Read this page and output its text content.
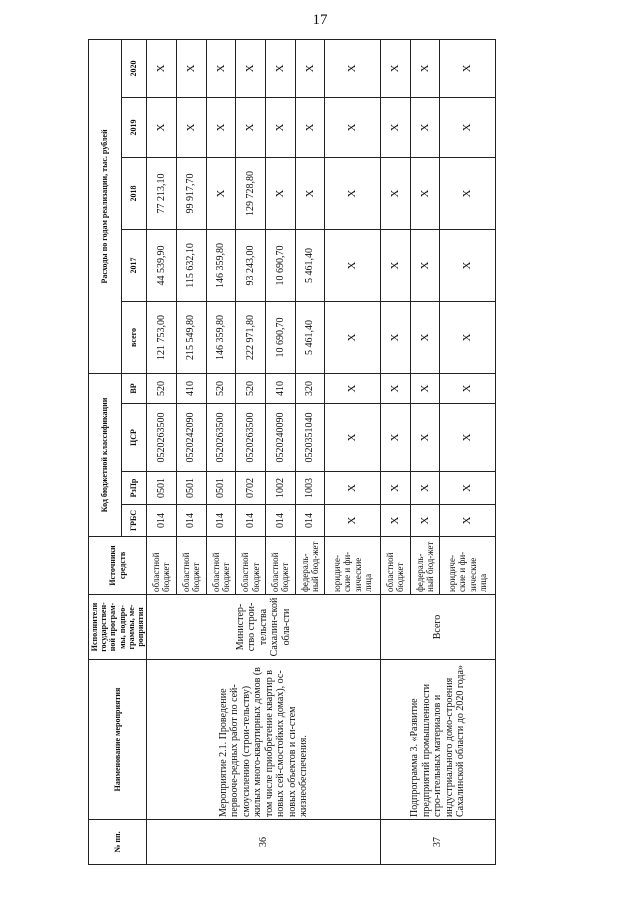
17
№ пп.	Наименование мероприятия	Исполнители государствен-ной програм-мы, подпро-граммы, ме-роприятия	Источники средств	Код бюджетной классификации				Расходы по годам реализации, тыс. рублей				
				ГРБС	РзПр	ЦСР	ВР	всего	2017	2018	2019	2020
36	Мероприятие 2.1. Проведение первооче-редных работ по сей-смоусилению (строи-тельству) жилых много-квартирных домов (в том числе приобретение квартир в новых сей-смостойких домах), ос-новых объектов и си-стем жизнеобеспечения.	Министер-ство строи-тельства Сахалин-ской обла-сти	областной бюджет	014	0501	0520263500	520	121 753,00	44 539,90	77 213,10	X	X
			областной бюджет	014	0501	0520242090	410	215 549,80	115 632,10	99 917,70	X	X
			областной бюджет	014	0501	0520263500	520	146 359,80	146 359,80	X	X	X
			областной бюджет	014	0702	0520263500	520	222 971,80	93 243,00	129 728,80	X	X
			областной бюджет	014	1002	0520240090	410	10 690,70	10 690,70	X	X	X
			федераль-ный бюд-жет	014	1003	0520351040	320	5 461,40	5 461,40	X	X	X
			юридиче-ские и фи-зические лица	X	X	X	X	X	X	X	X	X
37	Подпрограмма 3. «Развитие предприятий промышленности стро-ительных материалов и индустриального домо-строения Сахалинской области до 2020 года»	Всего	областной бюджет	X	X	X	X	X	X	X	X	X
			федераль-ный бюд-жет	X	X	X	X	X	X	X	X	X
			юридиче-ские и фи-зические лица	X	X	X	X	X	X	X	X	X
